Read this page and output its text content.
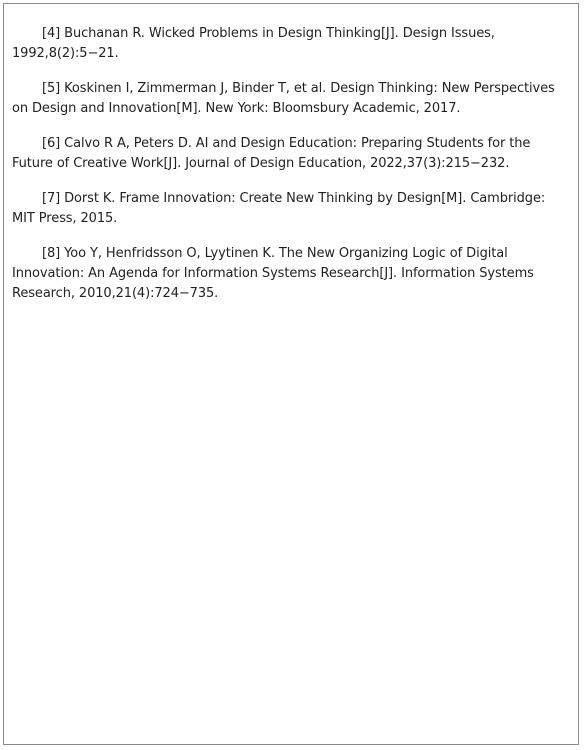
[4] Buchanan R. Wicked Problems in Design Thinking[J]. Design Issues, 1992,8(2):5−21.
[5] Koskinen I, Zimmerman J, Binder T, et al. Design Thinking: New Perspectives on Design and Innovation[M]. New York: Bloomsbury Academic, 2017.
[6] Calvo R A, Peters D. AI and Design Education: Preparing Students for the Future of Creative Work[J]. Journal of Design Education, 2022,37(3):215−232.
[7] Dorst K. Frame Innovation: Create New Thinking by Design[M]. Cambridge: MIT Press, 2015.
[8] Yoo Y, Henfridsson O, Lyytinen K. The New Organizing Logic of Digital Innovation: An Agenda for Information Systems Research[J]. Information Systems Research, 2010,21(4):724−735.
